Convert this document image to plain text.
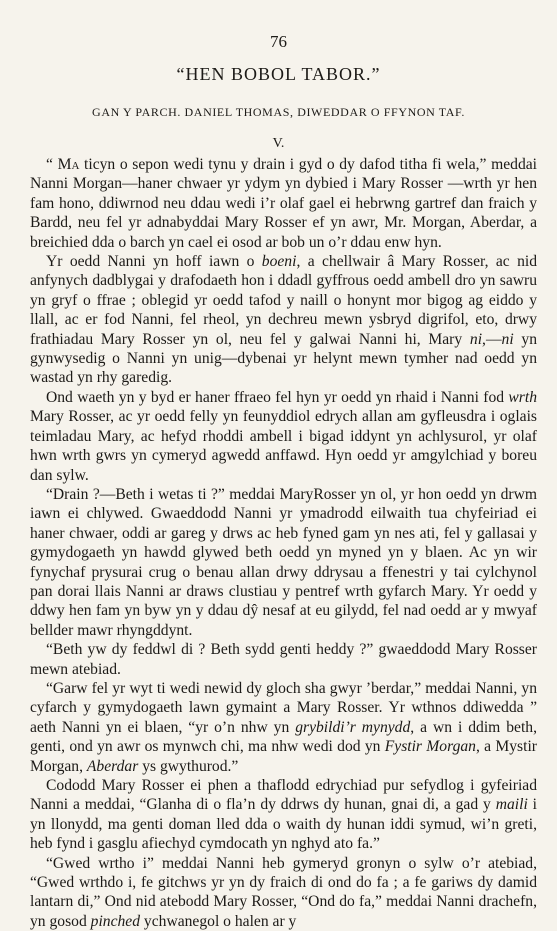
76
“HEN BOBOL TABOR.”
GAN Y PARCH. DANIEL THOMAS, DIWEDDAR O FFYNON TAF.
V.

“ Ma ticyn o sepon wedi tynu y drain i gyd o dy dafod titha fi wela,” meddai Nanni Morgan—haner chwaer yr ydym yn dybied i Mary Rosser —wrth yr hen fam hono, ddiwrnod neu ddau wedi i’r olaf gael ei hebrwng gartref dan fraich y Bardd, neu fel yr adnabyddai Mary Rosser ef yn awr, Mr. Morgan, Aberdar, a breichied dda o barch yn cael ei osod ar bob un o’r ddau enw hyn.

Yr oedd Nanni yn hoff iawn o boeni, a chellwair â Mary Rosser, ac nid anfynych dadblygai y drafodaeth hon i ddadl gyffrous oedd ambell dro yn sawru yn gryf o ffrae ; oblegid yr oedd tafod y naill o honynt mor bigog ag eiddo y llall, ac er fod Nanni, fel rheol, yn dechreu mewn ysbryd digrifol, eto, drwy frathiadau Mary Rosser yn ol, neu fel y galwai Nanni hi, Mary ni,—ni yn gynwysedig o Nanni yn unig—dybenai yr helynt mewn tymher nad oedd yn wastad yn rhy garedig.

Ond waeth yn y byd er haner ffraeo fel hyn yr oedd yn rhaid i Nanni fod wrth Mary Rosser, ac yr oedd felly yn feunyddiol edrych allan am gyfleusdra i oglais teimladau Mary, ac hefyd rhoddi ambell i bigad iddynt yn achlysurol, yr olaf hwn wrth gwrs yn cymeryd agwedd anffawd. Hyn oedd yr amgylchiad y boreu dan sylw.

“Drain ?—Beth i wetas ti ?” meddai MaryRosser yn ol, yr hon oedd yn drwm iawn ei chlywed. Gwaeddodd Nanni yr ymadrodd eilwaith tua chyfeiriad ei haner chwaer, oddi ar gareg y drws ac heb fyned gam yn nes ati, fel y gallasai y gymydogaeth yn hawdd glywed beth oedd yn myned yn y blaen. Ac yn wir fynychaf prysurai crug o benau allan drwy ddrysau a ffenestri y tai cylchynol pan dorai llais Nanni ar draws clustiau y pentref wrth gyfarch Mary. Yr oedd y ddwy hen fam yn byw yn y ddau dŷ nesaf at eu gilydd, fel nad oedd ar y mwyaf bellder mawr rhyngddynt.

“Beth yw dy feddwl di ? Beth sydd genti heddy ?” gwaeddodd Mary Rosser mewn atebiad.

“Garw fel yr wyt ti wedi newid dy gloch sha gwyr ’berdar,” meddai Nanni, yn cyfarch y gymydogaeth lawn gymaint a Mary Rosser. Yr wthnos ddiwedda ” aeth Nanni yn ei blaen, “yr o’n nhw yn grybildi’r mynydd, a wn i ddim beth, genti, ond yn awr os mynwch chi, ma nhw wedi dod yn Fystir Morgan, a Mystir Morgan, Aberdar ys gwythurod.”

Cododd Mary Rosser ei phen a thaflodd edrychiad pur sefydlog i gyfeiriad Nanni a meddai, “Glanha di o fla’n dy ddrws dy hunan, gnai di, a gad y maili i yn llonydd, ma genti doman lled dda o waith dy hunan iddi symud, wi’n greti, heb fynd i gasglu afiechyd cymdocath yn nghyd ato fa.”

“Gwed wrtho i” meddai Nanni heb gymeryd gronyn o sylw o’r atebiad, “Gwed wrthdo i, fe gitchws yr yn dy fraich di ond do fa ; a fe gariws dy damid lantarn di,” Ond nid atebodd Mary Rosser, “Ond do fa,” meddai Nanni drachefn, yn gosod pinched ychwanegol o halen ar y
